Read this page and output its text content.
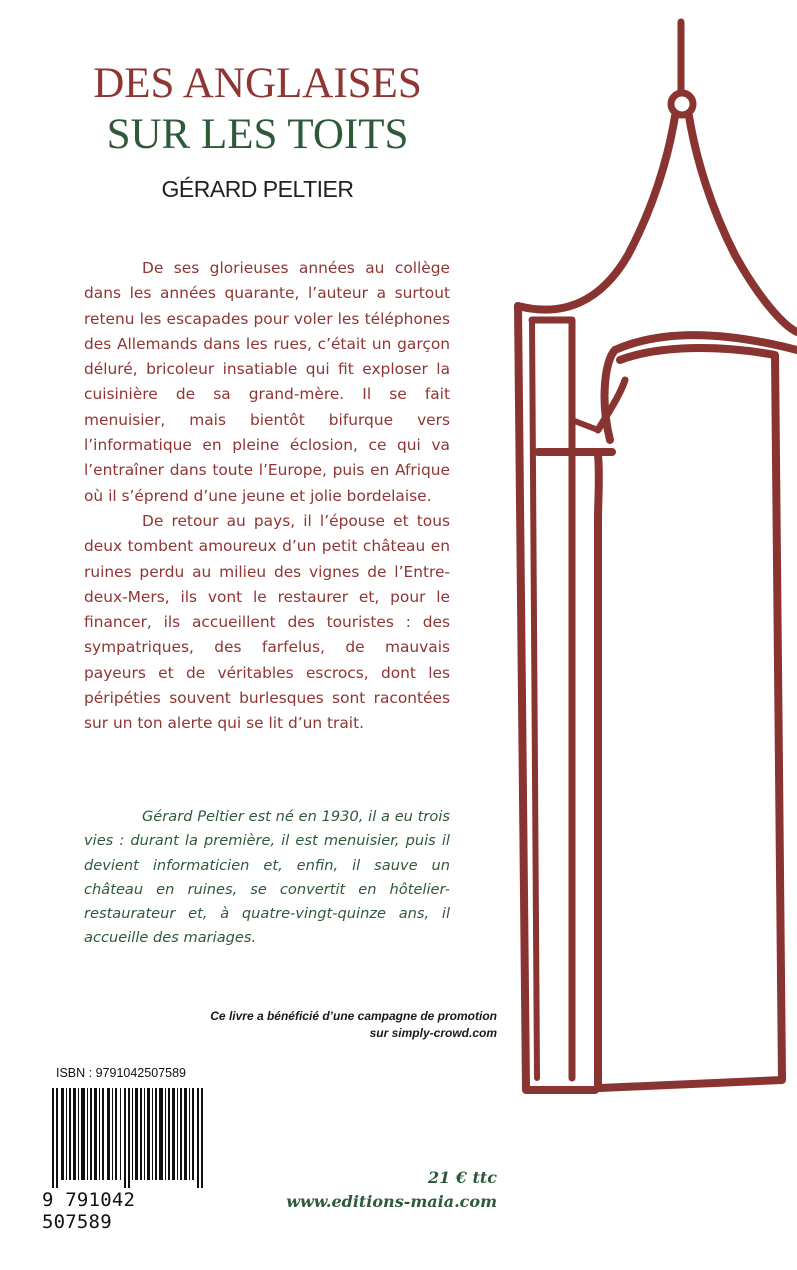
DES ANGLAISES
SUR LES TOITS
GÉRARD PELTIER

De ses glorieuses années au collège dans les années quarante, l’auteur a surtout retenu les escapades pour voler les téléphones des Allemands dans les rues, c’était un garçon déluré, bricoleur insatiable qui fit exploser la cuisinière de sa grand-mère. Il se fait menuisier, mais bientôt bifurque vers l’informatique en pleine éclosion, ce qui va l’entraîner dans toute l’Europe, puis en Afrique où il s’éprend d’une jeune et jolie bordelaise.

De retour au pays, il l’épouse et tous deux tombent amoureux d’un petit château en ruines perdu au milieu des vignes de l’Entre-deux-Mers, ils vont le restaurer et, pour le financer, ils accueillent des touristes : des sympatriques, des farfelus, de mauvais payeurs et de véritables escrocs, dont les péripéties souvent burlesques sont racontées sur un ton alerte qui se lit d’un trait.

Gérard Peltier est né en 1930, il a eu trois vies : durant la première, il est menuisier, puis il devient informaticien et, enfin, il sauve un château en ruines, se convertit en hôtelier-restaurateur et, à quatre-vingt-quinze ans, il accueille des mariages.

Ce livre a bénéficié d’une campagne de promotion
sur simply-crowd.com
ISBN : 9791042507589
9 791042 507589
21 € ttc
www.editions-maia.com
